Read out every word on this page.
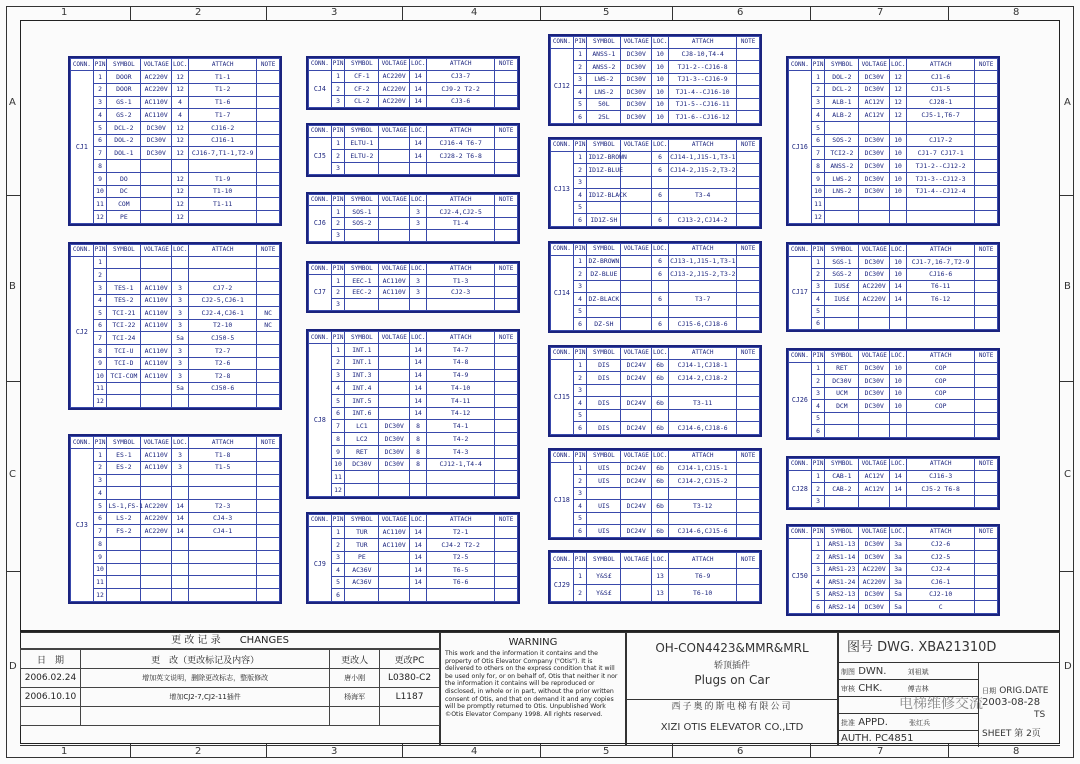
1
1
2
2
3
3
4
4
5
5
6
6
7
7
8
8
A	A
B	B
C	C
D	D
CONN.	PIN	SYMBOL	VOLTAGE	LOC.	ATTACH	NOTE
CJ1	1	DOOR	AC220V	12	T1-1	
	2	DOOR	AC220V	12	T1-2	
	3	GS-1	AC110V	4	T1-6	
	4	GS-2	AC110V	4	T1-7	
	5	DCL-2	DC30V	12	CJ16-2	
	6	DOL-2	DC30V	12	CJ16-1	
	7	DOL-1	DC30V	12	CJ16-7,T1-1,T2-9	
	8					
	9	DO		12	T1-9	
	10	DC		12	T1-10	
	11	COM		12	T1-11	
	12	PE		12		
CONN.	PIN	SYMBOL	VOLTAGE	LOC.	ATTACH	NOTE
CJ2	1					
	2					
	3	TES-1	AC110V	3	CJ7-2	
	4	TES-2	AC110V	3	CJ2-5,CJ6-1	
	5	TCI-21	AC110V	3	CJ2-4,CJ6-1	NC
	6	TCI-22	AC110V	3	T2-10	NC
	7	TCI-24		5a	CJ50-5	
	8	TCI-U	AC110V	3	T2-7	
	9	TCI-D	AC110V	3	T2-6	
	10	TCI-COM	AC110V	3	T2-8	
	11			5a	CJ50-6	
	12					
CONN.	PIN	SYMBOL	VOLTAGE	LOC.	ATTACH	NOTE
CJ3	1	ES-1	AC110V	3	T1-8	
	2	ES-2	AC110V	3	T1-5	
	3					
	4					
	5	LS-1,FS-1	AC220V	14	T2-3	
	6	LS-2	AC220V	14	CJ4-3	
	7	FS-2	AC220V	14	CJ4-1	
	8					
	9					
	10					
	11					
	12					
CONN.	PIN	SYMBOL	VOLTAGE	LOC.	ATTACH	NOTE
CJ4	1	CF-1	AC220V	14	CJ3-7	
	2	CF-2	AC220V	14	CJ9-2 T2-2	
	3	CL-2	AC220V	14	CJ3-6	
CONN.	PIN	SYMBOL	VOLTAGE	LOC.	ATTACH	NOTE
CJ5	1	ELTU-1		14	CJ16-4 T6-7	
	2	ELTU-2		14	CJ28-2 T6-8	
	3					
CONN.	PIN	SYMBOL	VOLTAGE	LOC.	ATTACH	NOTE
CJ6	1	SOS-1		3	CJ2-4,CJ2-5	
	2	SOS-2		3	T1-4	
	3					
CONN.	PIN	SYMBOL	VOLTAGE	LOC.	ATTACH	NOTE
CJ7	1	EEC-1	AC110V	3	T1-3	
	2	EEC-2	AC110V	3	CJ2-3	
	3					
CONN.	PIN	SYMBOL	VOLTAGE	LOC.	ATTACH	NOTE
CJ8	1	INT.1		14	T4-7	
	2	INT.1		14	T4-8	
	3	INT.3		14	T4-9	
	4	INT.4		14	T4-10	
	5	INT.5		14	T4-11	
	6	INT.6		14	T4-12	
	7	LC1	DC30V	8	T4-1	
	8	LC2	DC30V	8	T4-2	
	9	RET	DC30V	8	T4-3	
	10	DC30V	DC30V	8	CJ12-1,T4-4	
	11					
	12					
CONN.	PIN	SYMBOL	VOLTAGE	LOC.	ATTACH	NOTE
CJ9	1	TUR	AC110V	14	T2-1	
	2	TUR	AC110V	14	CJ4-2 T2-2	
	3	PE		14	T2-5	
	4	AC36V		14	T6-5	
	5	AC36V		14	T6-6	
	6					
CONN.	PIN	SYMBOL	VOLTAGE	LOC.	ATTACH	NOTE
CJ12	1	ANSS-1	DC30V	10	CJ8-10,T4-4	
	2	ANSS-2	DC30V	10	TJ1-2--CJ16-8	
	3	LWS-2	DC30V	10	TJ1-3--CJ16-9	
	4	LNS-2	DC30V	10	TJ1-4--CJ16-10	
	5	50L	DC30V	10	TJ1-5--CJ16-11	
	6	25L	DC30V	10	TJ1-6--CJ16-12	
CONN.	PIN	SYMBOL	VOLTAGE	LOC.	ATTACH	NOTE
CJ13	1	ID1Z-BROWN		6	CJ14-1,J15-1,T3-1	
	2	ID1Z-BLUE		6	CJ14-2,J15-2,T3-2	
	3					
	4	ID1Z-BLACK		6	T3-4	
	5					
	6	ID1Z-SH		6	CJ13-2,CJ14-2	
CONN.	PIN	SYMBOL	VOLTAGE	LOC.	ATTACH	NOTE
CJ14	1	DZ-BROWN		6	CJ13-1,J15-1,T3-1	
	2	DZ-BLUE		6	CJ13-2,J15-2,T3-2	
	3					
	4	DZ-BLACK		6	T3-7	
	5					
	6	DZ-SH		6	CJ15-6,CJ18-6	
CONN.	PIN	SYMBOL	VOLTAGE	LOC.	ATTACH	NOTE
CJ15	1	DIS	DC24V	6b	CJ14-1,CJ18-1	
	2	DIS	DC24V	6b	CJ14-2,CJ18-2	
	3					
	4	DIS	DC24V	6b	T3-11	
	5					
	6	DIS	DC24V	6b	CJ14-6,CJ18-6	
CONN.	PIN	SYMBOL	VOLTAGE	LOC.	ATTACH	NOTE
CJ18	1	UIS	DC24V	6b	CJ14-1,CJ15-1	
	2	UIS	DC24V	6b	CJ14-2,CJ15-2	
	3					
	4	UIS	DC24V	6b	T3-12	
	5					
	6	UIS	DC24V	6b	CJ14-6,CJ15-6	
CONN.	PIN	SYMBOL	VOLTAGE	LOC.	ATTACH	NOTE
CJ29	1	Y&S£		13	T6-9	
	2	Y&S£		13	T6-10	
CONN.	PIN	SYMBOL	VOLTAGE	LOC.	ATTACH	NOTE
CJ16	1	DOL-2	DC30V	12	CJ1-6	
	2	DCL-2	DC30V	12	CJ1-5	
	3	ALB-1	AC12V	12	CJ28-1	
	4	ALB-2	AC12V	12	CJ5-1,T6-7	
	5					
	6	SOS-2	DC30V	10	CJ17-2	
	7	TCI2-2	DC30V	10	CJ1-7 CJ17-1	
	8	ANSS-2	DC30V	10	TJ1-2--CJ12-2	
	9	LWS-2	DC30V	10	TJ1-3--CJ12-3	
	10	LNS-2	DC30V	10	TJ1-4--CJ12-4	
	11					
	12					
CONN.	PIN	SYMBOL	VOLTAGE	LOC.	ATTACH	NOTE
CJ17	1	SGS-1	DC30V	10	CJ1-7,16-7,T2-9	
	2	SGS-2	DC30V	10	CJ16-6	
	3	IUS£	AC220V	14	T6-11	
	4	IUS£	AC220V	14	T6-12	
	5					
	6					
CONN.	PIN	SYMBOL	VOLTAGE	LOC.	ATTACH	NOTE
CJ26	1	RET	DC30V	10	COP	
	2	DC30V	DC30V	10	COP	
	3	UCM	DC30V	10	COP	
	4	DCM	DC30V	10	COP	
	5					
	6					
CONN.	PIN	SYMBOL	VOLTAGE	LOC.	ATTACH	NOTE
CJ28	1	CAB-1	AC12V	14	CJ16-3	
	2	CAB-2	AC12V	14	CJ5-2 T6-8	
	3					
CONN.	PIN	SYMBOL	VOLTAGE	LOC.	ATTACH	NOTE
CJ50	1	ARS1-13	DC30V	3a	CJ2-6	
	2	ARS1-14	DC30V	3a	CJ2-5	
	3	ARS1-23	AC220V	3a	CJ2-4	
	4	ARS1-24	AC220V	3a	CJ6-1	
	5	ARS2-13	DC30V	5a	CJ2-10	
	6	ARS2-14	DC30V	5a	C	
更 改 记 录 CHANGES
日　期	更　改（更改标记及内容）	更改人	更改PC
2006.02.24	增加英文说明，删除更改标志，整版修改	唐小刚	L0380-C2
2006.10.10	增加CJ2-7,CJ2-11插件	杨海军	L1187

WARNING
This work and the information it contains and the property of Otis Elevator Company ("Otis"). It is delivered to others on the express condition that it will be used only for, or on behalf of, Otis that neither it nor the information it contains will be reproduced or disclosed, in whole or in part, without the prior written consent of Otis, and that on demand it and any copies will be promptly returned to Otis. Unpublished Work ©Otis Elevator Company 1998. All rights reserved.
OH-CON4423&MMR&MRL
轿顶插件
Plugs on Car
西子奥的斯电梯有限公司
XIZI OTIS ELEVATOR CO.,LTD
图号 DWG. XBA21310D
制图 DWN.	刘祖斌
审核 CHK.	傅吉林
批准 APPD.	张红兵
AUTH. PC4851
日期 ORIG.DATE
2003-08-28
TS
SHEET 第 2页
电梯维修交流
